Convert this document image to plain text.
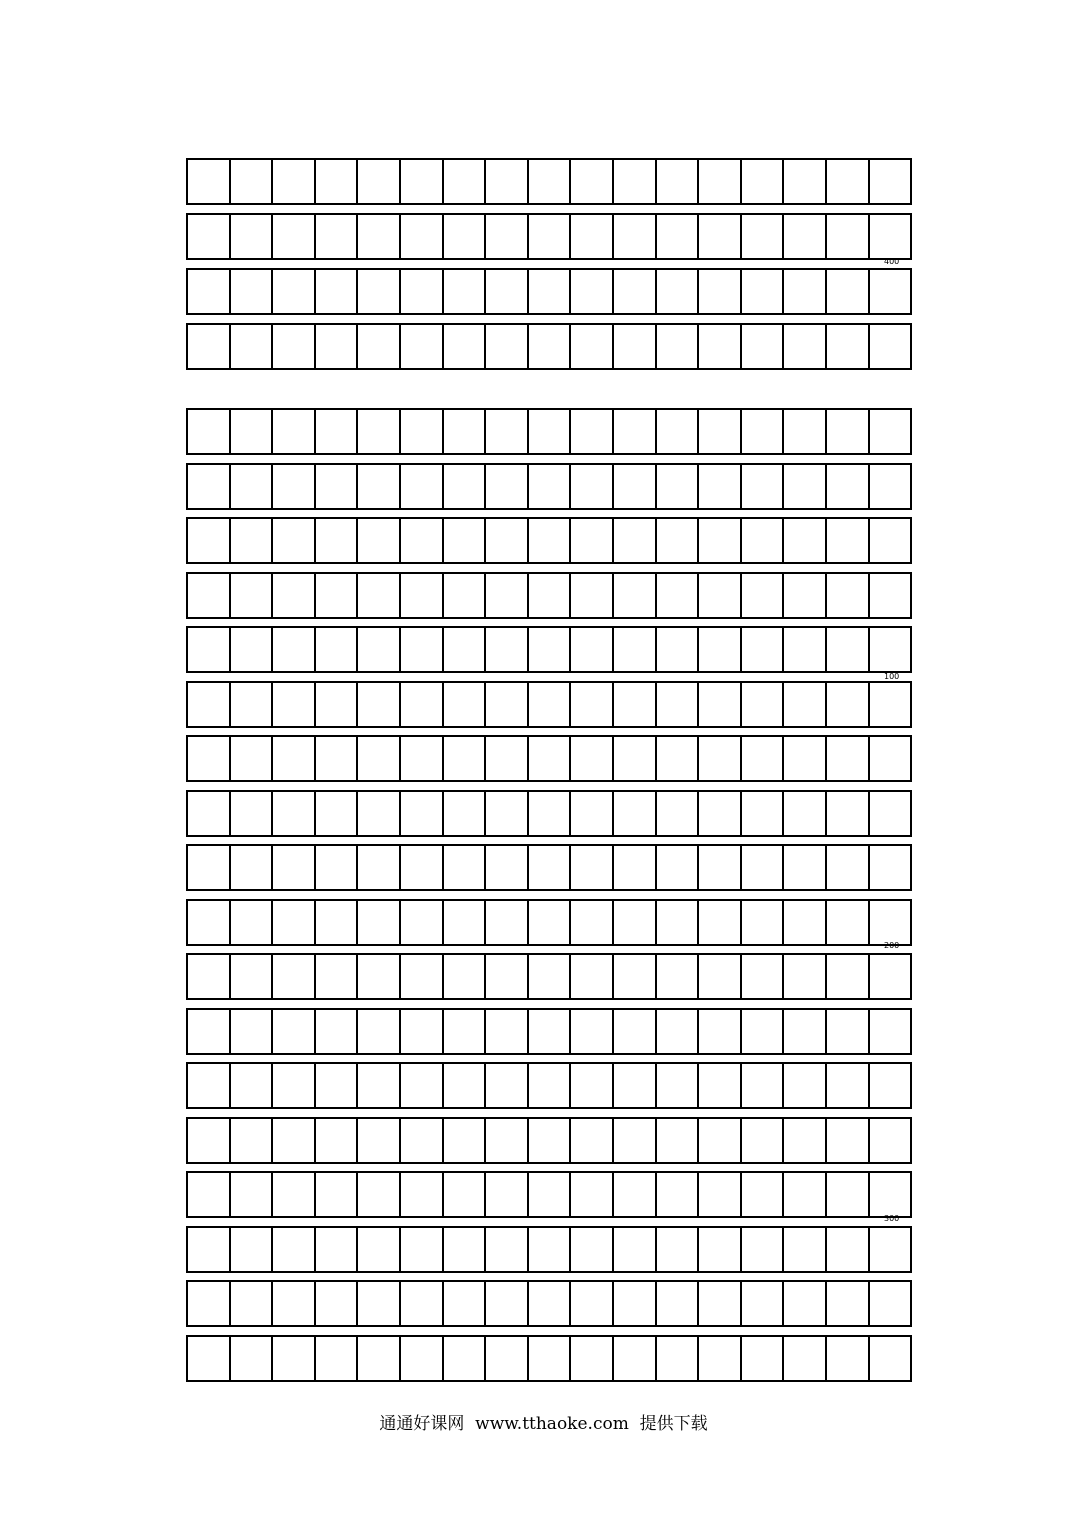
400
100
200
300
通通好课网 www.tthaoke.com 提供下载
